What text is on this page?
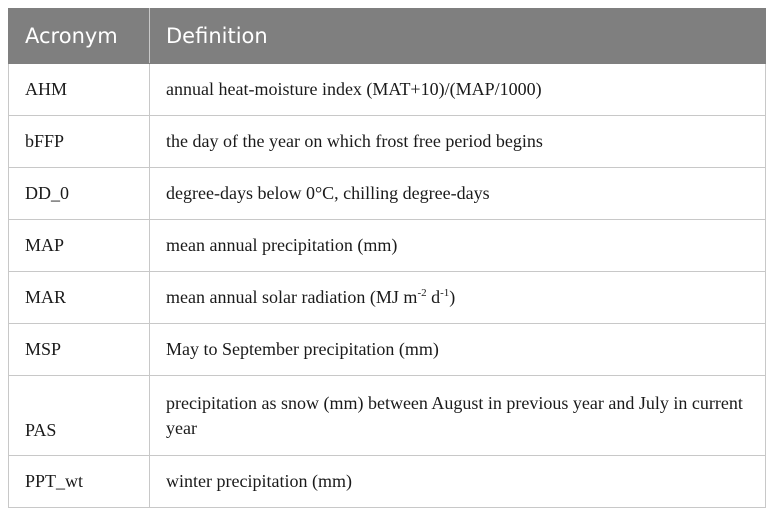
Acronym	Definition
AHM	annual heat-moisture index (MAT+10)/(MAP/1000)
bFFP	the day of the year on which frost free period begins
DD_0	degree-days below 0°C, chilling degree-days
MAP	mean annual precipitation (mm)
MAR	mean annual solar radiation (MJ $m^{-2}$ $d^{-1}$)
MSP	May to September precipitation (mm)
PAS	precipitation as snow (mm) between August in previous year and July in current year
PPT_wt	winter precipitation (mm)
